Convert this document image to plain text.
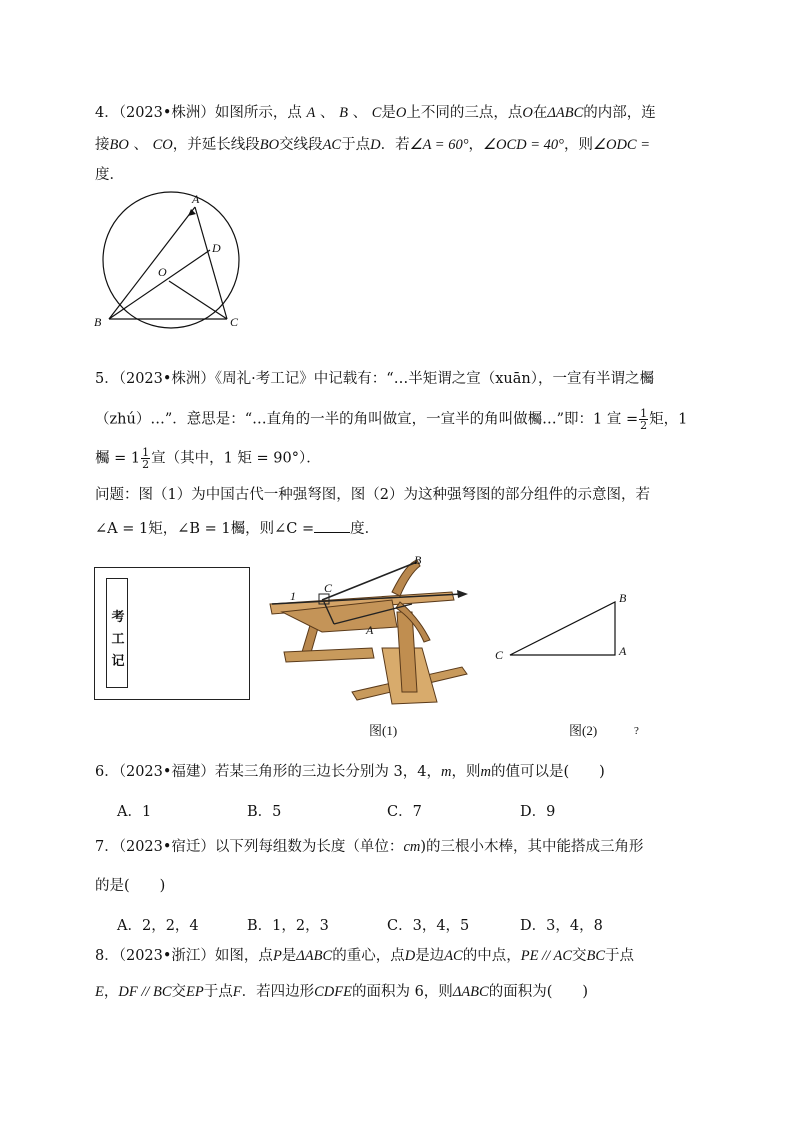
4．（2023•株洲）如图所示，点 A 、 B 、 C是O上不同的三点，点O在ΔABC的内部，连
接BO 、 CO，并延长线段BO交线段AC于点D．若∠A = 60°，∠OCD = 40°，则∠ODC =
度．
A
D
O
B	C
5．（2023•株洲）《周礼·考工记》中记载有：“…半矩谓之宣（xuān），一宣有半谓之欘
（zhú）…”．意思是：“…直角的一半的角叫做宣，一宣半的角叫做欘…”即：1 宣 = $\frac{1}{2}$ 矩，1
欘 = $1 \frac{1}{2}$ 宣（其中，1 矩 = 90°）．
问题：图（1）为中国古代一种强弩图，图（2）为这种强弩图的部分组件的示意图，若
∠A = 1矩，∠B = 1欘，则∠C = 度．
考工记
C
A
B
1	B
A
C
图(1)	图(2)	?
6．（2023•福建）若某三角形的三边长分别为 3，4，m，则m的值可以是( )
A．1	B．5	C．7	D．9
7．（2023•宿迁）以下列每组数为长度（单位：cm)的三根小木棒，其中能搭成三角形
的是( )
A．2，2，4	B．1，2，3	C．3，4，5	D．3，4，8
8．（2023•浙江）如图，点P是ΔABC的重心，点D是边AC的中点，PE // AC交BC于点
E，DF // BC交EP于点F．若四边形CDFE的面积为 6，则ΔABC的面积为( )
